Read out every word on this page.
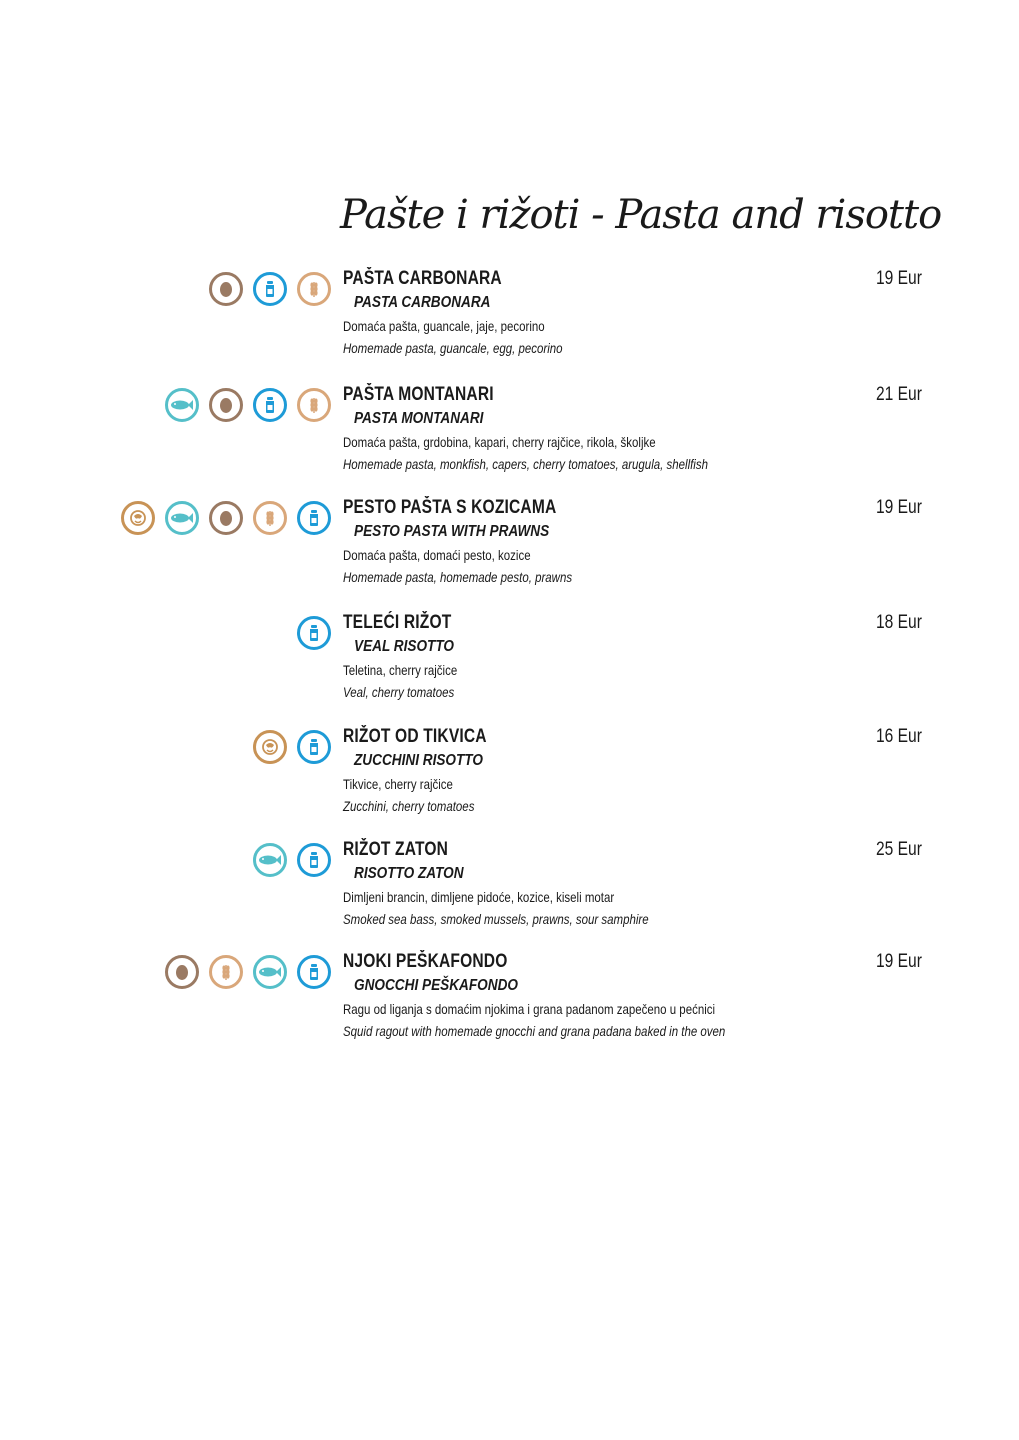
Pašte i rižoti - Pasta and risotto
PAŠTA CARBONARA
PASTA CARBONARA
Domaća pašta, guancale, jaje, pecorino
Homemade pasta, guancale, egg, pecorino
19 Eur
PAŠTA MONTANARI
PASTA MONTANARI
Domaća pašta, grdobina, kapari, cherry rajčice, rikola, školjke
Homemade pasta, monkfish, capers, cherry tomatoes, arugula, shellfish
21 Eur
PESTO PAŠTA S KOZICAMA
PESTO PASTA WITH PRAWNS
Domaća pašta, domaći pesto, kozice
Homemade pasta, homemade pesto, prawns
19 Eur
TELEĆI RIŽOT
VEAL RISOTTO
Teletina, cherry rajčice
Veal, cherry tomatoes
18 Eur
RIŽOT OD TIKVICA
ZUCCHINI RISOTTO
Tikvice, cherry rajčice
Zucchini, cherry tomatoes
16 Eur
RIŽOT ZATON
RISOTTO ZATON
Dimljeni brancin, dimljene pidoće, kozice, kiseli motar
Smoked sea bass, smoked mussels, prawns, sour samphire
25 Eur
NJOKI PEŠKAFONDO
GNOCCHI PEŠKAFONDO
Ragu od liganja s domaćim njokima i grana padanom zapečeno u pećnici
Squid ragout with homemade gnocchi and grana padana baked in the oven
19 Eur
